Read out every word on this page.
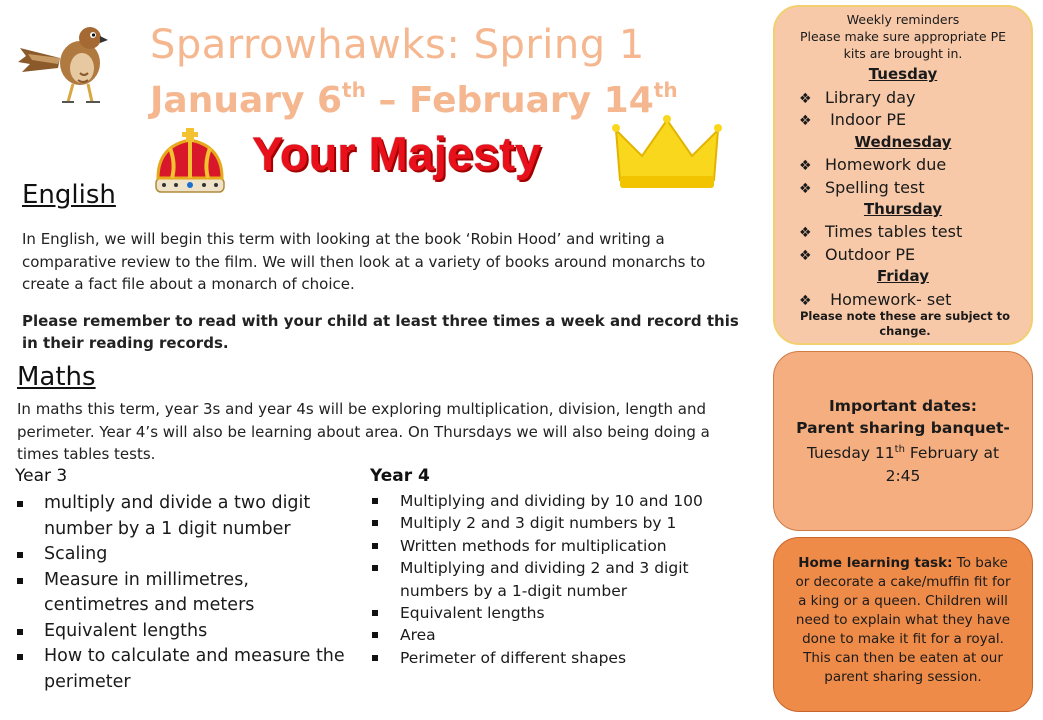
Sparrowhawks: Spring 1
January 6th – February 14th
Your Majesty
English
In English, we will begin this term with looking at the book ‘Robin Hood’ and writing a comparative review to the film. We will then look at a variety of books around monarchs to create a fact file about a monarch of choice.
Please remember to read with your child at least three times a week and record this in their reading records.
Maths
In maths this term, year 3s and year 4s will be exploring multiplication, division, length and perimeter. Year 4’s will also be learning about area. On Thursdays we will also being doing a times tables tests.
Year 3
multiply and divide a two digit number by a 1 digit number
Scaling
Measure in millimetres, centimetres and meters
Equivalent lengths
How to calculate and measure the perimeter
Year 4
Multiplying and dividing by 10 and 100
Multiply 2 and 3 digit numbers by 1
Written methods for multiplication
Multiplying and dividing 2 and 3 digit numbers by a 1-digit number
Equivalent lengths
Area
Perimeter of different shapes
Weekly reminders
Please make sure appropriate PE
kits are brought in.
Tuesday
❖ Library day
❖ Indoor PE
Wednesday
❖ Homework due
❖ Spelling test
Thursday
❖ Times tables test
❖ Outdoor PE
Friday
❖ Homework- set
Please note these are subject to change.
Important dates:
Parent sharing banquet-
Tuesday 11th February at
2:45
Home learning task: To bake or decorate a cake/muffin fit for a king or a queen. Children will need to explain what they have done to make it fit for a royal. This can then be eaten at our parent sharing session.
